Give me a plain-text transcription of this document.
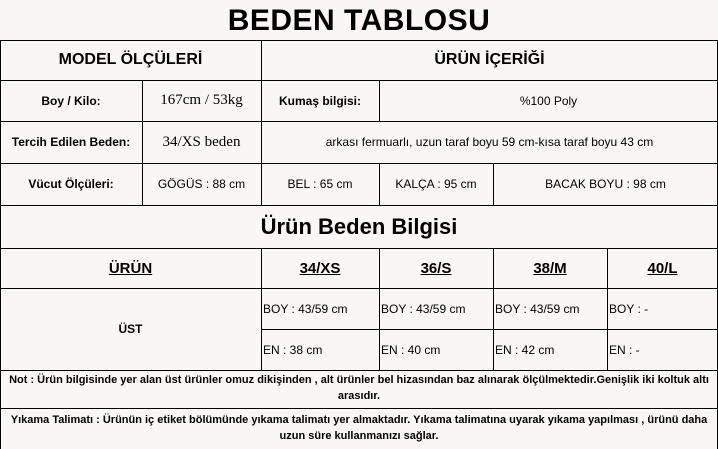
BEDEN TABLOSU
MODEL ÖLÇÜLERİ	ÜRÜN İÇERİĞİ
Boy / Kilo:	167cm / 53kg	Kumaş bilgisi:	%100 Poly
Tercih Edilen Beden:	34/XS beden	arkası fermuarlı, uzun taraf boyu 59 cm-kısa taraf boyu 43 cm
Vücut Ölçüleri:	GÖGÜS : 88 cm	BEL : 65 cm	KALÇA : 95 cm	BACAK BOYU : 98 cm
Ürün Beden Bilgisi
ÜRÜN	34/XS	36/S	38/M	40/L
ÜST
BOY : 43/59 cm	BOY : 43/59 cm	BOY : 43/59 cm	BOY : -
EN : 38 cm	EN : 40 cm	EN : 42 cm	EN : -
Not : Ürün bilgisinde yer alan üst ürünler omuz dikişinden , alt ürünler bel hizasından baz alınarak ölçülmektedir.Genişlik iki koltuk altı arasıdır.
Yıkama Talimatı : Ürünün iç etiket bölümünde yıkama talimatı yer almaktadır. Yıkama talimatına uyarak yıkama yapılması , ürünü daha uzun süre kullanmanızı sağlar.
